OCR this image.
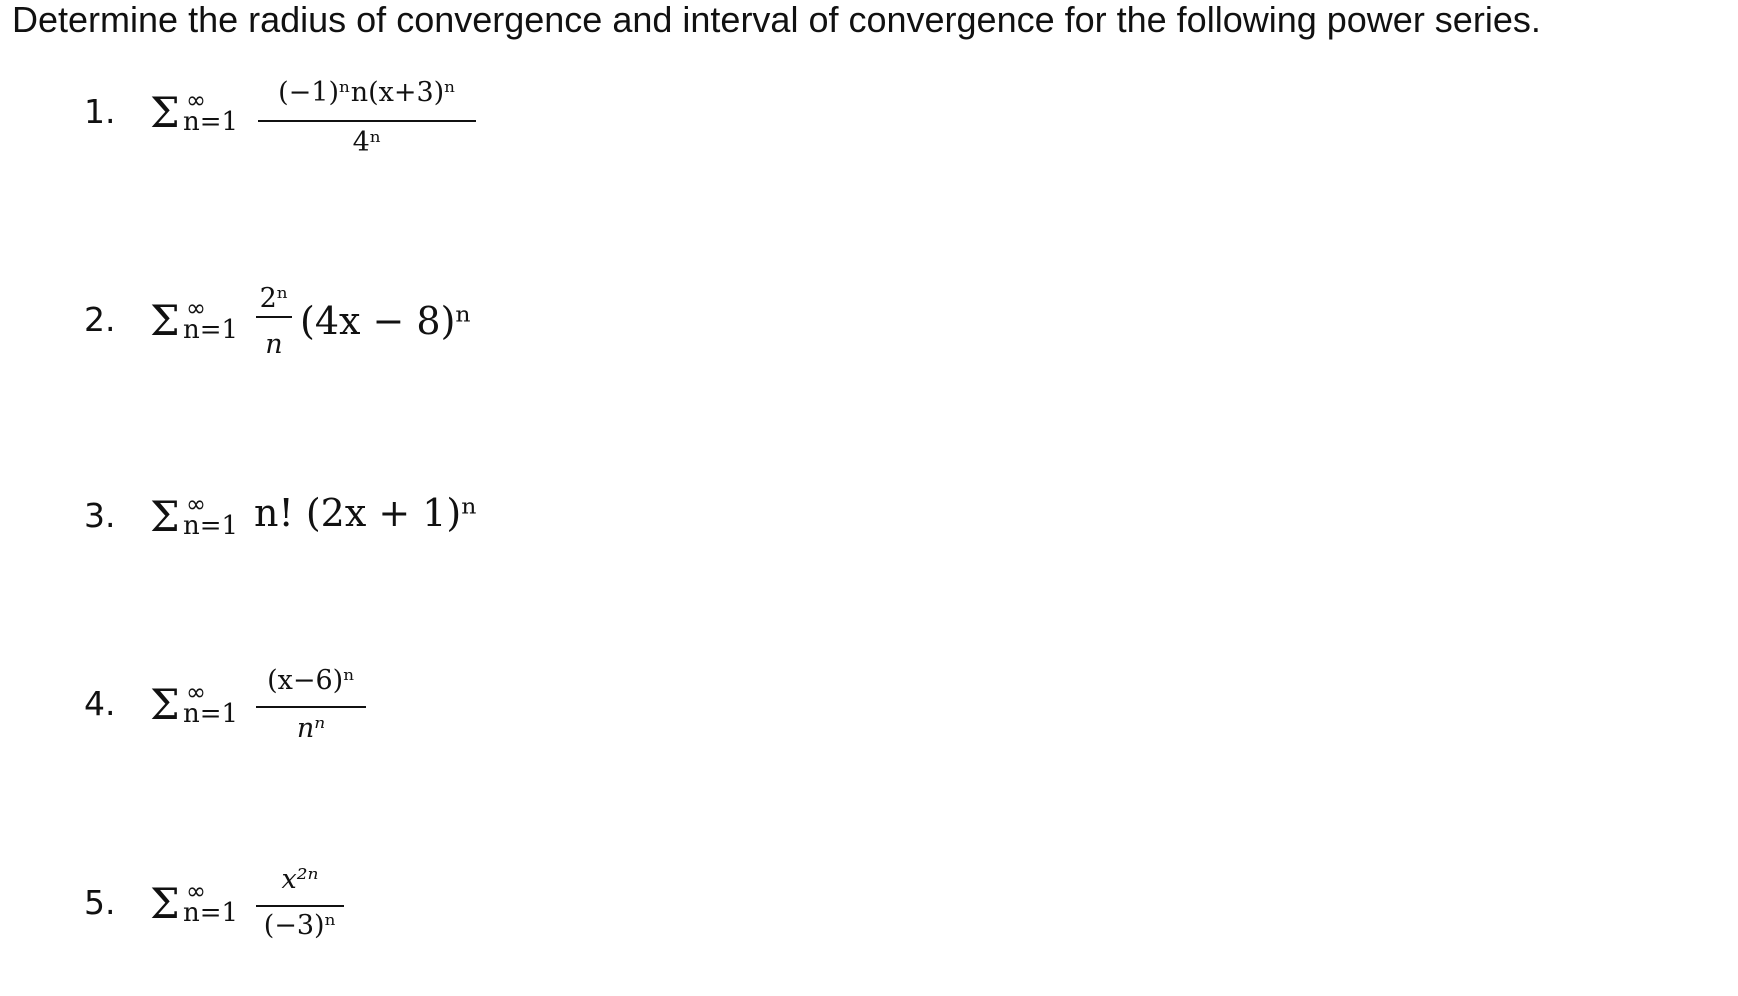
Determine the radius of convergence and interval of convergence for the following power series.
1. Σ ∞
n=1
(−1)ⁿn(x+3)ⁿ
4ⁿ
2. Σ ∞
n=1
2ⁿ
n
(4x − 8)ⁿ
3. Σ ∞
n=1 n! (2x + 1)ⁿ
4. Σ ∞
n=1
(x−6)ⁿ
nⁿ
5. Σ ∞
n=1
x²ⁿ
(−3)ⁿ
